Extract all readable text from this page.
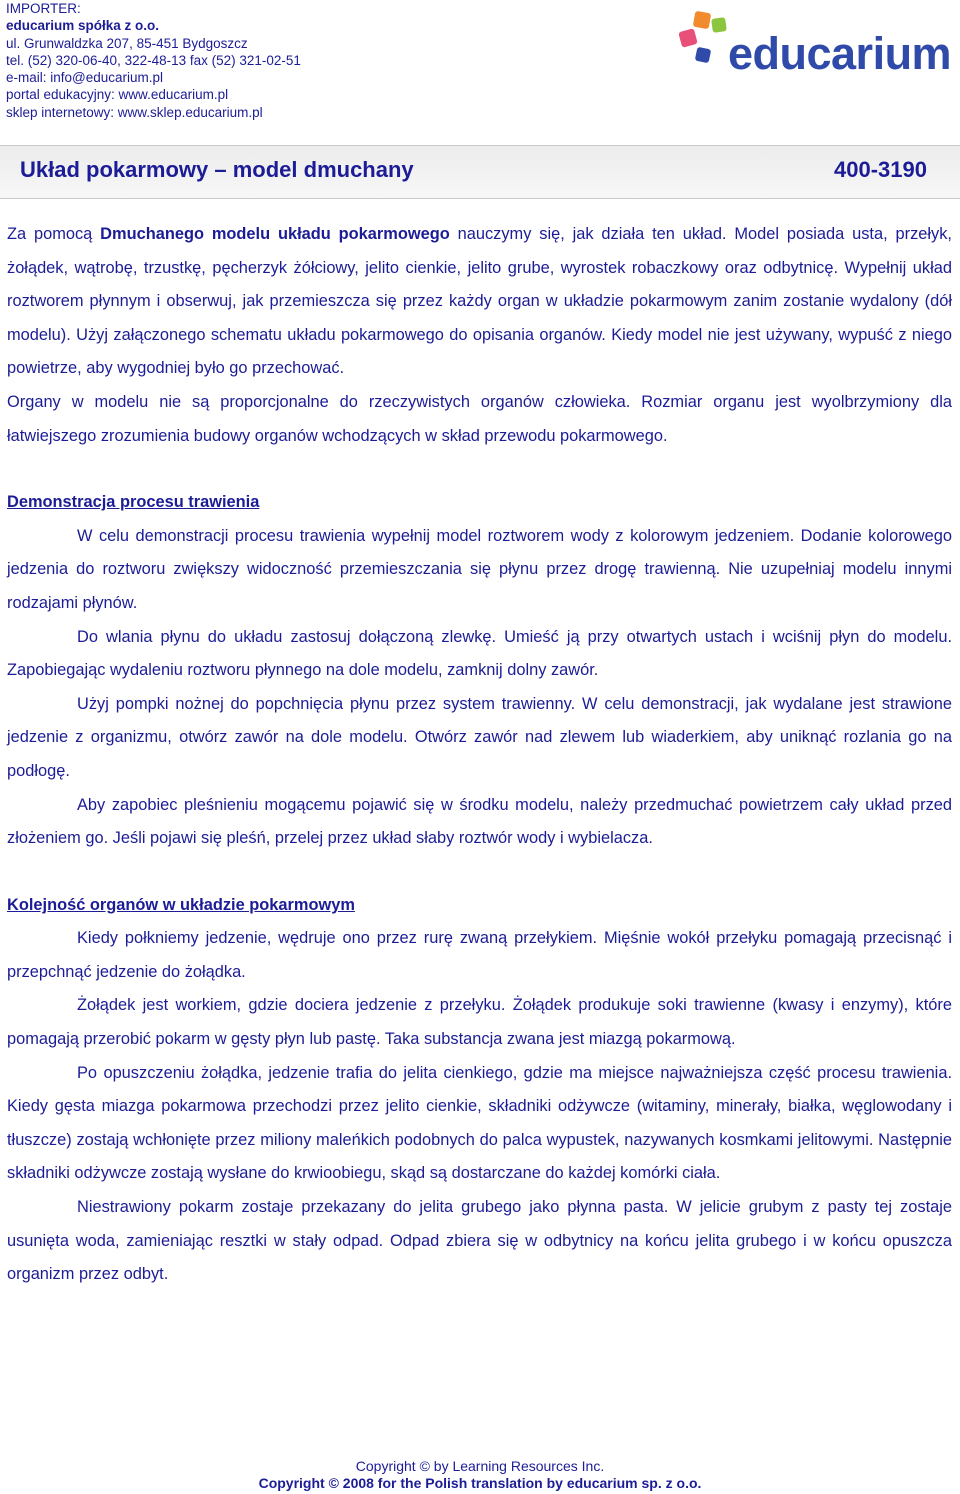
IMPORTER:
educarium spółka z o.o.
ul. Grunwaldzka 207, 85-451 Bydgoszcz
tel. (52) 320-06-40, 322-48-13 fax (52) 321-02-51
e-mail: info@educarium.pl
portal edukacyjny: www.educarium.pl
sklep internetowy: www.sklep.educarium.pl
educarium
Układ pokarmowy – model dmuchany	400-3190

Za pomocą Dmuchanego modelu układu pokarmowego nauczymy się, jak działa ten układ. Model posiada usta, przełyk, żołądek, wątrobę, trzustkę, pęcherzyk żółciowy, jelito cienkie, jelito grube, wyrostek robaczkowy oraz odbytnicę. Wypełnij układ roztworem płynnym i obserwuj, jak przemieszcza się przez każdy organ w układzie pokarmowym zanim zostanie wydalony (dół modelu). Użyj załączonego schematu układu pokarmowego do opisania organów. Kiedy model nie jest używany, wypuść z niego powietrze, aby wygodniej było go przechować.

Organy w modelu nie są proporcjonalne do rzeczywistych organów człowieka. Rozmiar organu jest wyolbrzymiony dla łatwiejszego zrozumienia budowy organów wchodzących w skład przewodu pokarmowego.

Demonstracja procesu trawienia

W celu demonstracji procesu trawienia wypełnij model roztworem wody z kolorowym jedzeniem. Dodanie kolorowego jedzenia do roztworu zwiększy widoczność przemieszczania się płynu przez drogę trawienną. Nie uzupełniaj modelu innymi rodzajami płynów.

Do wlania płynu do układu zastosuj dołączoną zlewkę. Umieść ją przy otwartych ustach i wciśnij płyn do modelu. Zapobiegając wydaleniu roztworu płynnego na dole modelu, zamknij dolny zawór.

Użyj pompki nożnej do popchnięcia płynu przez system trawienny. W celu demonstracji, jak wydalane jest strawione jedzenie z organizmu, otwórz zawór na dole modelu. Otwórz zawór nad zlewem lub wiaderkiem, aby uniknąć rozlania go na podłogę.

Aby zapobiec pleśnieniu mogącemu pojawić się w środku modelu, należy przedmuchać powietrzem cały układ przed złożeniem go. Jeśli pojawi się pleśń, przelej przez układ słaby roztwór wody i wybielacza.

Kolejność organów w układzie pokarmowym

Kiedy połkniemy jedzenie, wędruje ono przez rurę zwaną przełykiem. Mięśnie wokół przełyku pomagają przecisnąć i przepchnąć jedzenie do żołądka.

Żołądek jest workiem, gdzie dociera jedzenie z przełyku. Żołądek produkuje soki trawienne (kwasy i enzymy), które pomagają przerobić pokarm w gęsty płyn lub pastę. Taka substancja zwana jest miazgą pokarmową.

Po opuszczeniu żołądka, jedzenie trafia do jelita cienkiego, gdzie ma miejsce najważniejsza część procesu trawienia. Kiedy gęsta miazga pokarmowa przechodzi przez jelito cienkie, składniki odżywcze (witaminy, minerały, białka, węglowodany i tłuszcze) zostają wchłonięte przez miliony maleńkich podobnych do palca wypustek, nazywanych kosmkami jelitowymi. Następnie składniki odżywcze zostają wysłane do krwioobiegu, skąd są dostarczane do każdej komórki ciała.

Niestrawiony pokarm zostaje przekazany do jelita grubego jako płynna pasta. W jelicie grubym z pasty tej zostaje usunięta woda, zamieniając resztki w stały odpad. Odpad zbiera się w odbytnicy na końcu jelita grubego i w końcu opuszcza organizm przez odbyt.

Copyright © by Learning Resources Inc.
Copyright © 2008 for the Polish translation by educarium sp. z o.o.
